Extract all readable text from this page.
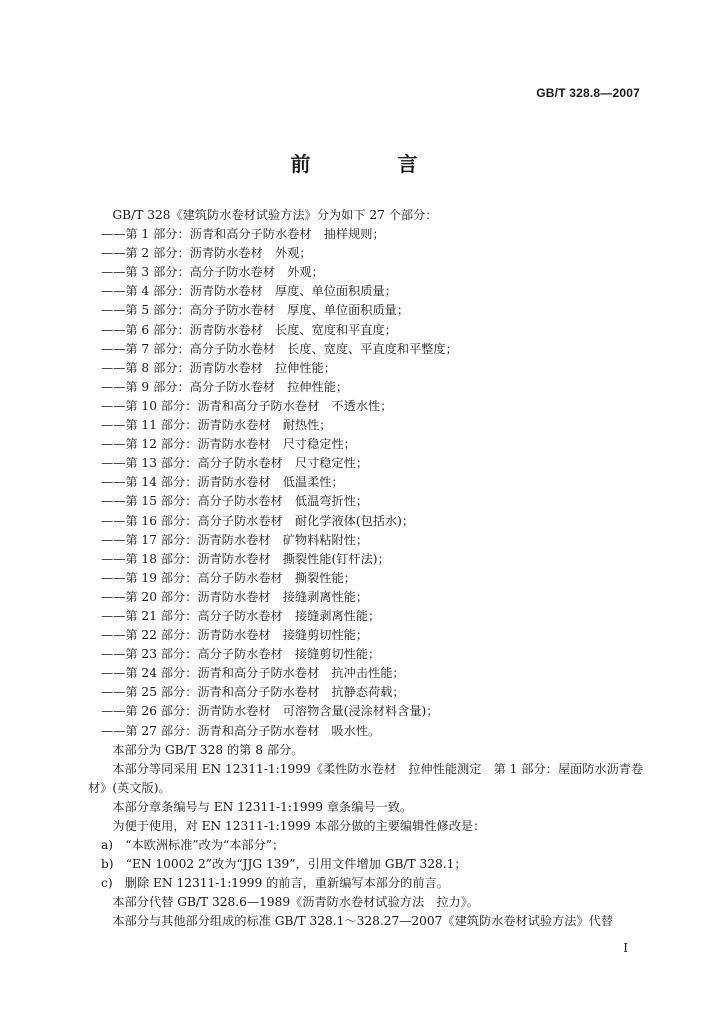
GB/T 328.8—2007
前 言

GB/T 328《建筑防水卷材试验方法》分为如下 27 个部分：

——第 1 部分：沥青和高分子防水卷材　抽样规则；

——第 2 部分：沥青防水卷材　外观；

——第 3 部分：高分子防水卷材　外观；

——第 4 部分：沥青防水卷材　厚度、单位面积质量；

——第 5 部分：高分子防水卷材　厚度、单位面积质量；

——第 6 部分：沥青防水卷材　长度、宽度和平直度；

——第 7 部分：高分子防水卷材　长度、宽度、平直度和平整度；

——第 8 部分：沥青防水卷材　拉伸性能；

——第 9 部分：高分子防水卷材　拉伸性能；

——第 10 部分：沥青和高分子防水卷材　不透水性；

——第 11 部分：沥青防水卷材　耐热性；

——第 12 部分：沥青防水卷材　尺寸稳定性；

——第 13 部分：高分子防水卷材　尺寸稳定性；

——第 14 部分：沥青防水卷材　低温柔性；

——第 15 部分：高分子防水卷材　低温弯折性；

——第 16 部分：高分子防水卷材　耐化学液体(包括水)；

——第 17 部分：沥青防水卷材　矿物料粘附性；

——第 18 部分：沥青防水卷材　撕裂性能(钉杆法)；

——第 19 部分：高分子防水卷材　撕裂性能；

——第 20 部分：沥青防水卷材　接缝剥离性能；

——第 21 部分：高分子防水卷材　接缝剥离性能；

——第 22 部分：沥青防水卷材　接缝剪切性能；

——第 23 部分：高分子防水卷材　接缝剪切性能；

——第 24 部分：沥青和高分子防水卷材　抗冲击性能；

——第 25 部分：沥青和高分子防水卷材　抗静态荷载；

——第 26 部分：沥青防水卷材　可溶物含量(浸涂材料含量)；

——第 27 部分：沥青和高分子防水卷材　吸水性。

本部分为 GB/T 328 的第 8 部分。

本部分等同采用 EN 12311-1:1999《柔性防水卷材　拉伸性能测定　第 1 部分：屋面防水沥青卷

材》(英文版)。

本部分章条编号与 EN 12311-1:1999 章条编号一致。

为便于使用，对 EN 12311-1:1999 本部分做的主要编辑性修改是：

a)　“本欧洲标准”改为“本部分”；

b)　“EN 10002 2”改为“JJG 139”，引用文件增加 GB/T 328.1；

c)　删除 EN 12311-1:1999 的前言，重新编写本部分的前言。

本部分代替 GB/T 328.6—1989《沥青防水卷材试验方法　拉力》。

本部分与其他部分组成的标准 GB/T 328.1～328.27—2007《建筑防水卷材试验方法》代替

I
